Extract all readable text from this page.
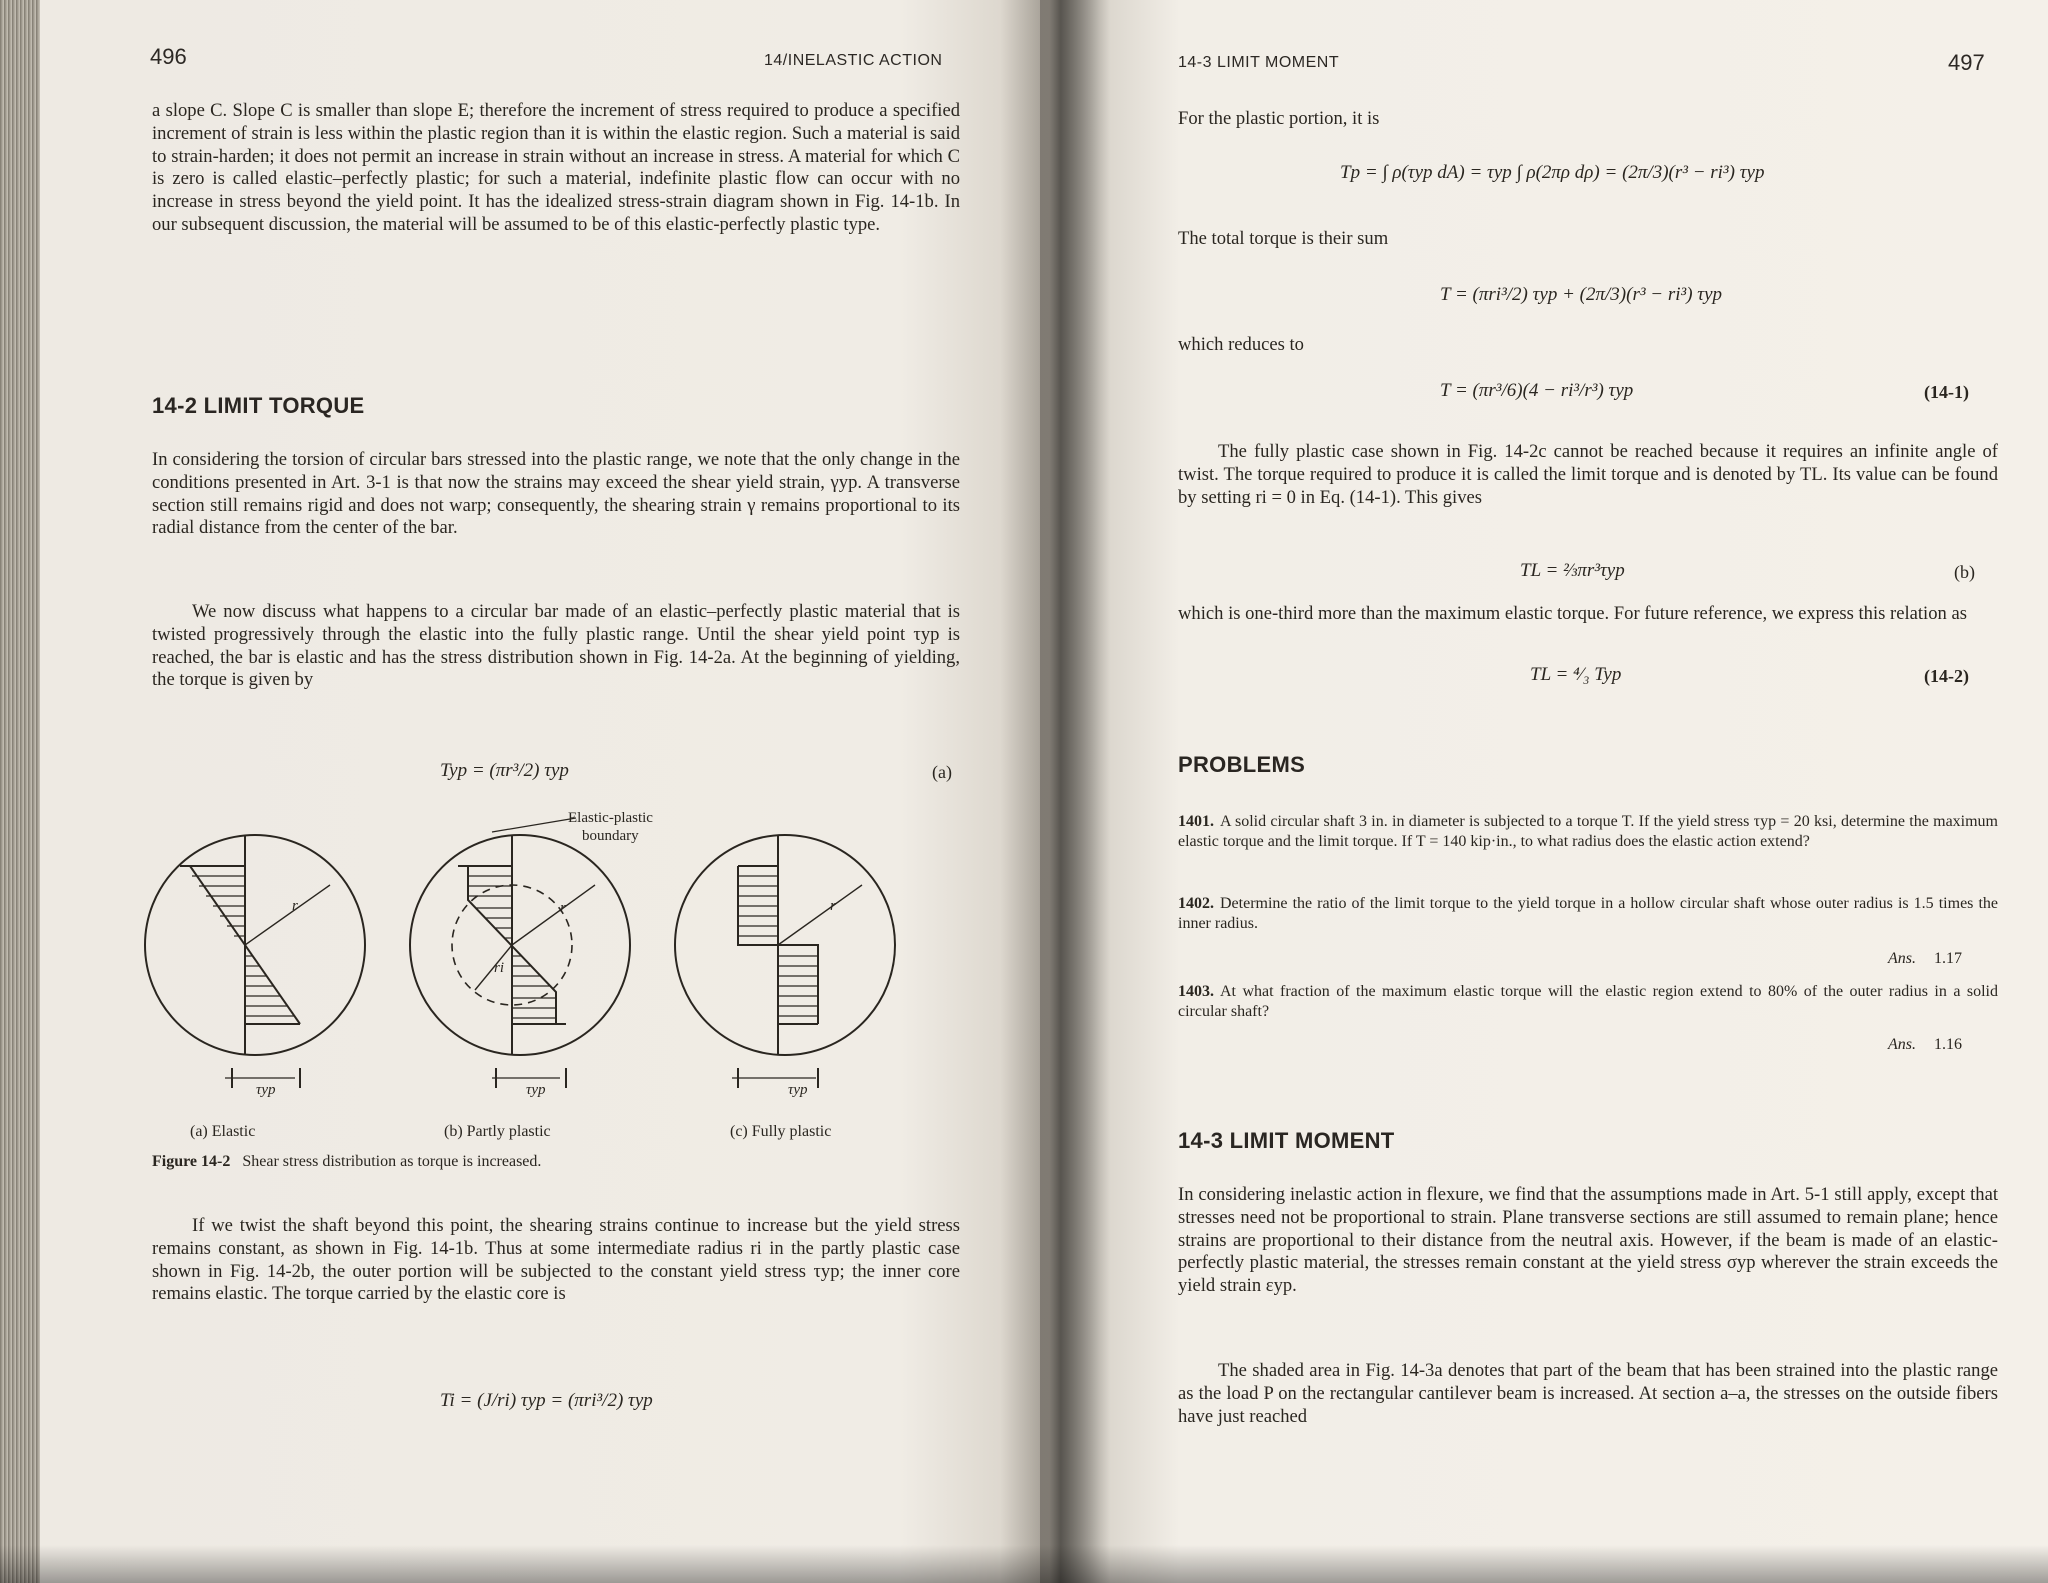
496	14/INELASTIC ACTION

a slope C. Slope C is smaller than slope E; therefore the increment of stress required to produce a specified increment of strain is less within the plastic region than it is within the elastic region. Such a material is said to strain-harden; it does not permit an increase in strain without an increase in stress. A material for which C is zero is called elastic–perfectly plastic; for such a material, indefinite plastic flow can occur with no increase in stress beyond the yield point. It has the idealized stress-strain diagram shown in Fig. 14-1b. In our subsequent discussion, the material will be assumed to be of this elastic-perfectly plastic type.

14-2 LIMIT TORQUE

In considering the torsion of circular bars stressed into the plastic range, we note that the only change in the conditions presented in Art. 3-1 is that now the strains may exceed the shear yield strain, γyp. A transverse section still remains rigid and does not warp; consequently, the shearing strain γ remains proportional to its radial distance from the center of the bar.

We now discuss what happens to a circular bar made of an elastic–perfectly plastic material that is twisted progressively through the elastic into the fully plastic range. Until the shear yield point τyp is reached, the bar is elastic and has the stress distribution shown in Fig. 14-2a. At the beginning of yielding, the torque is given by

Typ = (πr³/2) τyp	(a)
Elastic-plastic
boundary
r	r
ri
r
τyp	τyp	τyp
(a) Elastic	(b) Partly plastic	(c) Fully plastic
Figure 14-2 Shear stress distribution as torque is increased.

If we twist the shaft beyond this point, the shearing strains continue to increase but the yield stress remains constant, as shown in Fig. 14-1b. Thus at some intermediate radius ri in the partly plastic case shown in Fig. 14-2b, the outer portion will be subjected to the constant yield stress τyp; the inner core remains elastic. The torque carried by the elastic core is

Ti = (J/ri) τyp = (πri³/2) τyp
14-3 LIMIT MOMENT	497

For the plastic portion, it is

Tp = ∫ ρ(τyp dA) = τyp ∫ ρ(2πρ dρ) = (2π/3)(r³ − ri³) τyp

The total torque is their sum

T = (πri³/2) τyp + (2π/3)(r³ − ri³) τyp

which reduces to

T = (πr³/6)(4 − ri³/r³) τyp	(14-1)

The fully plastic case shown in Fig. 14-2c cannot be reached because it requires an infinite angle of twist. The torque required to produce it is called the limit torque and is denoted by TL. Its value can be found by setting ri = 0 in Eq. (14-1). This gives

TL = ⅔πr³τyp	(b)

which is one-third more than the maximum elastic torque. For future reference, we express this relation as

TL = ⁴⁄₃ Typ	(14-2)
PROBLEMS

1401. A solid circular shaft 3 in. in diameter is subjected to a torque T. If the yield stress τyp = 20 ksi, determine the maximum elastic torque and the limit torque. If T = 140 kip·in., to what radius does the elastic action extend?

1402. Determine the ratio of the limit torque to the yield torque in a hollow circular shaft whose outer radius is 1.5 times the inner radius.

Ans. 1.17

1403. At what fraction of the maximum elastic torque will the elastic region extend to 80% of the outer radius in a solid circular shaft?

Ans. 1.16
14-3 LIMIT MOMENT

In considering inelastic action in flexure, we find that the assumptions made in Art. 5-1 still apply, except that stresses need not be proportional to strain. Plane transverse sections are still assumed to remain plane; hence strains are proportional to their distance from the neutral axis. However, if the beam is made of an elastic-perfectly plastic material, the stresses remain constant at the yield stress σyp wherever the strain exceeds the yield strain εyp.

The shaded area in Fig. 14-3a denotes that part of the beam that has been strained into the plastic range as the load P on the rectangular cantilever beam is increased. At section a–a, the stresses on the outside fibers have just reached
